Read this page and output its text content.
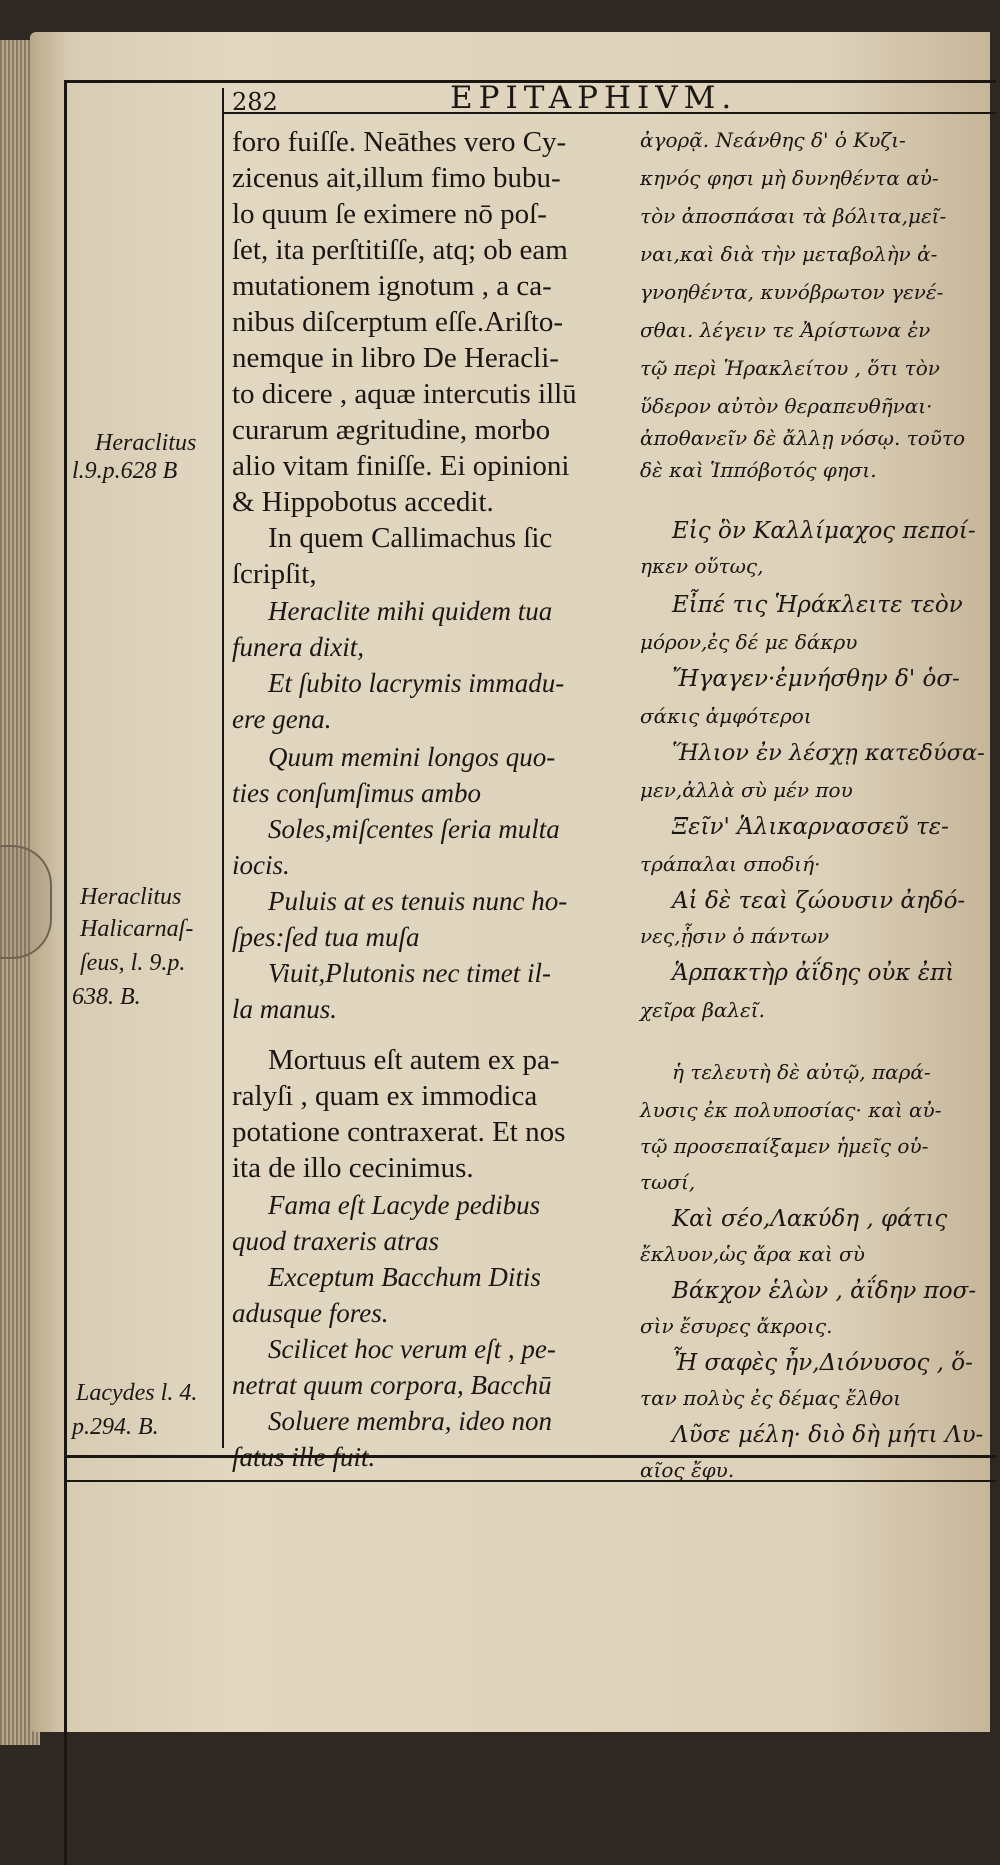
282	EPITAPHIVM.
Heraclitus
l.9.p.628 B
Heraclitus
Halicarnaſ-
ſeus, l. 9.p.
638. B.
Lacydes l. 4.
p.294. B.
foro fuiſſe. Neāthes vero Cy-
zicenus ait,illum fimo bubu-
lo quum ſe eximere nō poſ-
ſet, ita perſtitiſſe, atq; ob eam
mutationem ignotum , a ca-
nibus diſcerptum eſſe.Ariſto-
nemque in libro De Heracli-
to dicere , aquæ intercutis illū
curarum ægritudine, morbo
alio vitam finiſſe. Ei opinioni
& Hippobotus accedit.
In quem Callimachus ſic
ſcripſit,
Heraclite mihi quidem tua
funera dixit,
Et ſubito lacrymis immadu-
ere gena.
Quum memini longos quo-
ties conſumſimus ambo
Soles,miſcentes ſeria multa
iocis.
Puluis at es tenuis nunc ho-
ſpes:ſed tua muſa
Viuit,Plutonis nec timet il-
la manus.
Mortuus eſt autem ex pa-
ralyſi , quam ex immodica
potatione contraxerat. Et nos
ita de illo cecinimus.
Fama eſt Lacyde pedibus
quod traxeris atras
Exceptum Bacchum Ditis
adusque fores.
Scilicet hoc verum eſt , pe-
netrat quum corpora, Bacchū
Soluere membra, ideo non
ſatus ille fuit.
ἀγορᾷ. Νεάνθης δ' ὁ Κυζι-
κηνός φησι μὴ δυνηθέντα αὐ-
τὸν ἀποσπάσαι τὰ βόλιτα,μεῖ-
ναι,καὶ διὰ τὴν μεταβολὴν ἀ-
γνοηθέντα, κυνόβρωτον γενέ-
σθαι. λέγειν τε Ἀρίστωνα ἐν
τῷ περὶ Ἡρακλείτου , ὅτι τὸν
ὕδερον αὐτὸν θεραπευθῆναι·
ἀποθανεῖν δὲ ἄλλῃ νόσῳ. τοῦτο
δὲ καὶ Ἱππόβοτός φησι.
Εἰς ὃν Καλλίμαχος πεποί-
ηκεν οὕτως,
Εἶπέ τις Ἡράκλειτε τεὸν
μόρον,ἐς δέ με δάκρυ
Ἤγαγεν·ἐμνήσθην δ' ὁσ-
σάκις ἀμφότεροι
Ἥλιον ἐν λέσχῃ κατεδύσα-
μεν,ἀλλὰ σὺ μέν που
Ξεῖν' Ἁλικαρνασσεῦ τε-
τράπαλαι σποδιή·
Αἱ δὲ τεαὶ ζώουσιν ἀηδό-
νες,ᾗσιν ὁ πάντων
Ἁρπακτὴρ ἀΐδης οὐκ ἐπὶ
χεῖρα βαλεῖ.
ἡ τελευτὴ δὲ αὐτῷ, παρά-
λυσις ἐκ πολυποσίας· καὶ αὐ-
τῷ προσεπαίξαμεν ἡμεῖς οὑ-
τωσί,
Καὶ σέο,Λακύδη , φάτις
ἔκλυον,ὡς ἄρα καὶ σὺ
Βάκχον ἑλὼν , ἀΐδην ποσ-
σὶν ἔσυρες ἄκροις.
Ἦ σαφὲς ἦν,Διόνυσος , ὅ-
ταν πολὺς ἐς δέμας ἔλθοι
Λῦσε μέλη· διὸ δὴ μήτι Λυ-
αῖος ἔφυ.
